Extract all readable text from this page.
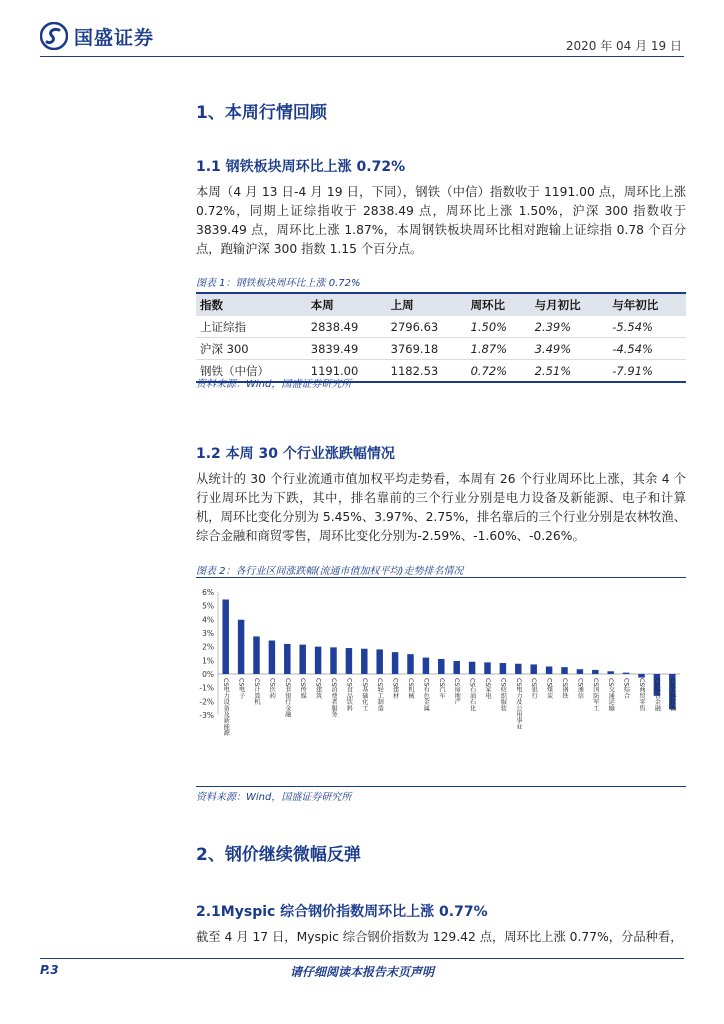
国盛证券	2020 年 04 月 19 日
1、本周行情回顾
1.1 钢铁板块周环比上涨 0.72%
本周（4 月 13 日-4 月 19 日，下同），钢铁（中信）指数收于 1191.00 点，周环比上涨 0.72%，同期上证综指收于 2838.49 点，周环比上涨 1.50%，沪深 300 指数收于 3839.49 点，周环比上涨 1.87%，本周钢铁板块周环比相对跑输上证综指 0.78 个百分点，跑输沪深 300 指数 1.15 个百分点。
图表 1：钢铁板块周环比上涨 0.72%
指数	本周	上周	周环比	与月初比	与年初比
上证综指	2838.49	2796.63	1.50%	2.39%	-5.54%
沪深 300	3839.49	3769.18	1.87%	3.49%	-4.54%
钢铁（中信）	1191.00	1182.53	0.72%	2.51%	-7.91%
资料来源：Wind，国盛证券研究所
1.2 本周 30 个行业涨跌幅情况
从统计的 30 个行业流通市值加权平均走势看，本周有 26 个行业周环比上涨，其余 4 个行业周环比为下跌，其中，排名靠前的三个行业分别是电力设备及新能源、电子和计算机，周环比变化分别为 5.45%、3.97%、2.75%，排名靠后的三个行业分别是农林牧渔、综合金融和商贸零售，周环比变化分别为-2.59%、-1.60%、-0.26%。
图表 2：各行业区间涨跌幅(流通市值加权平均)走势排名情况
6%
5%
4%
3%
2%
1%
0%
-1%
-2%
-3% CS电力设备及新能源 CS电子 CS计算机 CS医药 CS非银行金融 CS传媒 CS建筑 CS消费者服务 CS食品饮料 CS基础化工 CS轻工制造 CS建材 CS机械 CS有色金属 CS汽车 CS房地产 CS石油石化 CS家电 CS纺织服装 CS电力及公用事业 CS银行 CS煤炭 CS钢铁 CS通信 CS国防军工 CS交通运输 CS综合 CS商贸零售 CS综合金融 CS农林牧渔
资料来源：Wind，国盛证券研究所
2、钢价继续微幅反弹
2.1Myspic 综合钢价指数周环比上涨 0.77%
截至 4 月 17 日，Myspic 综合钢价指数为 129.42 点，周环比上涨 0.77%，分品种看，
P.3	请仔细阅读本报告末页声明
